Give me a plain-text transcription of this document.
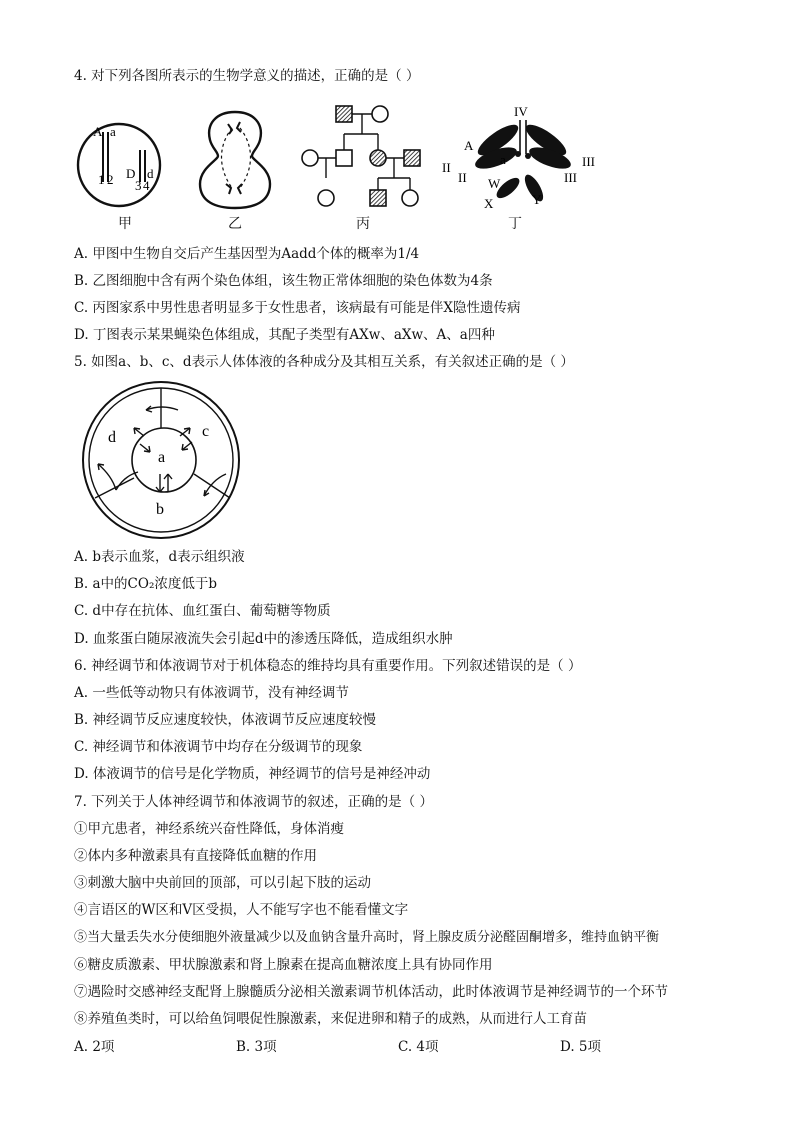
4. 对下列各图所表示的生物学意义的描述，正确的是（ ）
A a
1 2 D d
3 4
甲	乙	丙
IV
A
II
II
a	III
III
W
X	Y
丁
A. 甲图中生物自交后产生基因型为Aadd个体的概率为1/4
B. 乙图细胞中含有两个染色体组，该生物正常体细胞的染色体数为4条
C. 丙图家系中男性患者明显多于女性患者，该病最有可能是伴X隐性遗传病
D. 丁图表示某果蝇染色体组成，其配子类型有AXw、aXw、A、a四种
5. 如图a、b、c、d表示人体体液的各种成分及其相互关系，有关叙述正确的是（ ）
d	c
a
b
A. b表示血浆，d表示组织液
B. a中的CO₂浓度低于b
C. d中存在抗体、血红蛋白、葡萄糖等物质
D. 血浆蛋白随尿液流失会引起d中的渗透压降低，造成组织水肿
6. 神经调节和体液调节对于机体稳态的维持均具有重要作用。下列叙述错误的是（ ）
A. 一些低等动物只有体液调节，没有神经调节
B. 神经调节反应速度较快，体液调节反应速度较慢
C. 神经调节和体液调节中均存在分级调节的现象
D. 体液调节的信号是化学物质，神经调节的信号是神经冲动
7. 下列关于人体神经调节和体液调节的叙述，正确的是（ ）
①甲亢患者，神经系统兴奋性降低，身体消瘦
②体内多种激素具有直接降低血糖的作用
③刺激大脑中央前回的顶部，可以引起下肢的运动
④言语区的W区和V区受损，人不能写字也不能看懂文字
⑤当大量丢失水分使细胞外液量减少以及血钠含量升高时，肾上腺皮质分泌醛固酮增多，维持血钠平衡
⑥糖皮质激素、甲状腺激素和肾上腺素在提高血糖浓度上具有协同作用
⑦遇险时交感神经支配肾上腺髓质分泌相关激素调节机体活动，此时体液调节是神经调节的一个环节
⑧养殖鱼类时，可以给鱼饲喂促性腺激素，来促进卵和精子的成熟，从而进行人工育苗
A. 2项	B. 3项	C. 4项	D. 5项
